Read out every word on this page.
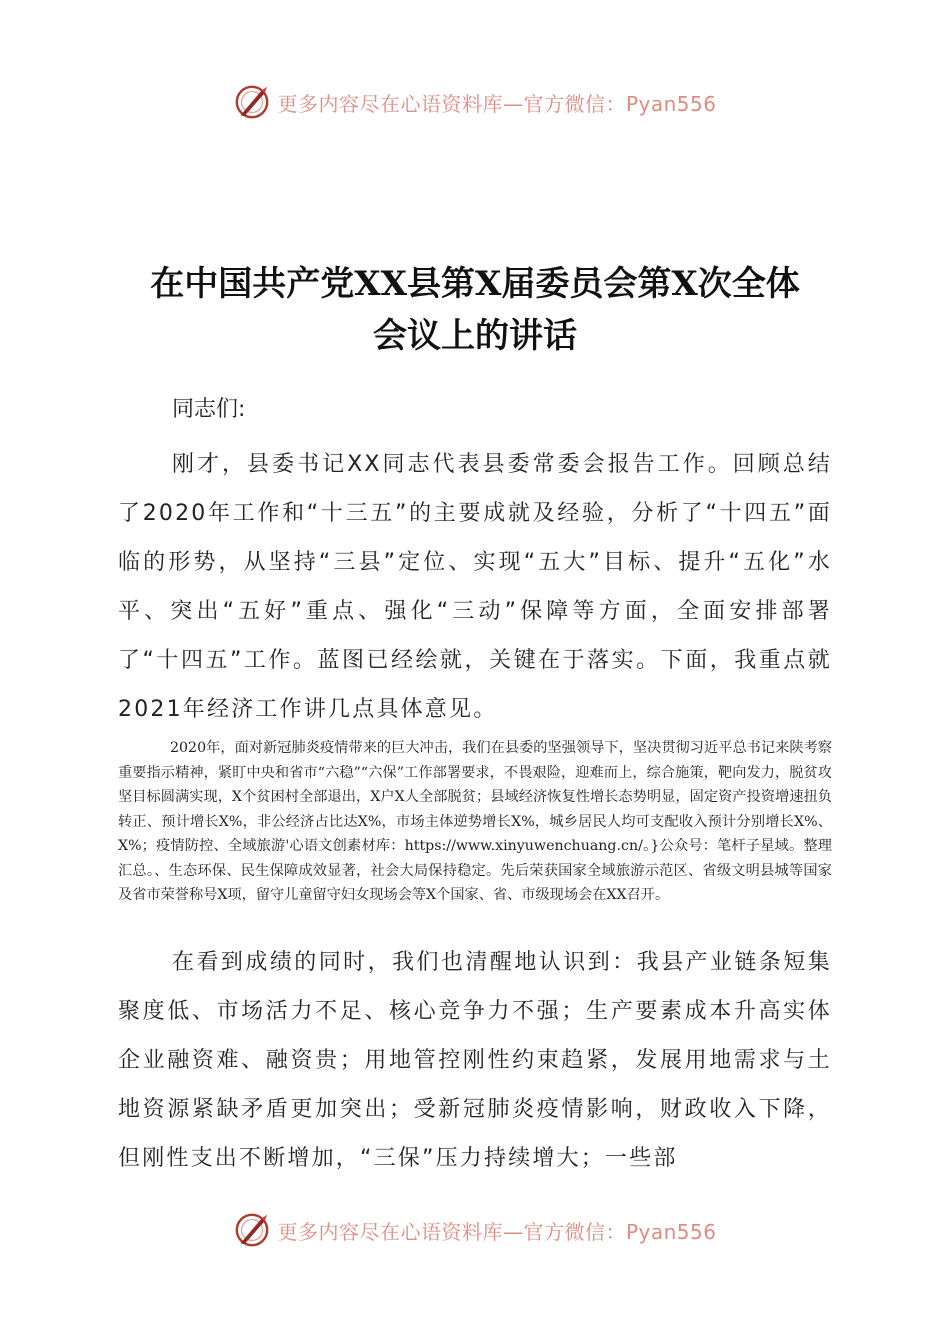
更多内容尽在心语资料库—官方微信：Pyan556
在中国共产党XX县第X届委员会第X次全体
会议上的讲话
同志们:
刚才，县委书记XX同志代表县委常委会报告工作。回顾总结了2020年工作和“十三五”的主要成就及经验，分析了“十四五”面临的形势，从坚持“三县”定位、实现“五大”目标、提升“五化”水平、突出“五好”重点、强化“三动”保障等方面，全面安排部署了“十四五”工作。蓝图已经绘就，关键在于落实。下面，我重点就2021年经济工作讲几点具体意见。
2020年，面对新冠肺炎疫情带来的巨大冲击，我们在县委的坚强领导下，坚决贯彻习近平总书记来陕考察重要指示精神，紧盯中央和省市“六稳”“六保”工作部署要求，不畏艰险，迎难而上，综合施策，靶向发力，脱贫攻坚目标圆满实现，X个贫困村全部退出，X户X人全部脱贫；县域经济恢复性增长态势明显，固定资产投资增速扭负转正、预计增长X%，非公经济占比达X%，市场主体逆势增长X%，城乡居民人均可支配收入预计分别增长X%、X%；疫情防控、全域旅游'心语文创素材库：https://www.xinyuwenchuang.cn/。}公众号：笔杆子星域。整理汇总。、生态环保、民生保障成效显著，社会大局保持稳定。先后荣获国家全域旅游示范区、省级文明县城等国家及省市荣誉称号X项，留守儿童留守妇女现场会等X个国家、省、市级现场会在XX召开。
在看到成绩的同时，我们也清醒地认识到：我县产业链条短集聚度低、市场活力不足、核心竞争力不强；生产要素成本升高实体企业融资难、融资贵；用地管控刚性约束趋紧，发展用地需求与土地资源紧缺矛盾更加突出；受新冠肺炎疫情影响，财政收入下降，但刚性支出不断增加，“三保”压力持续增大；一些部
更多内容尽在心语资料库—官方微信：Pyan556
